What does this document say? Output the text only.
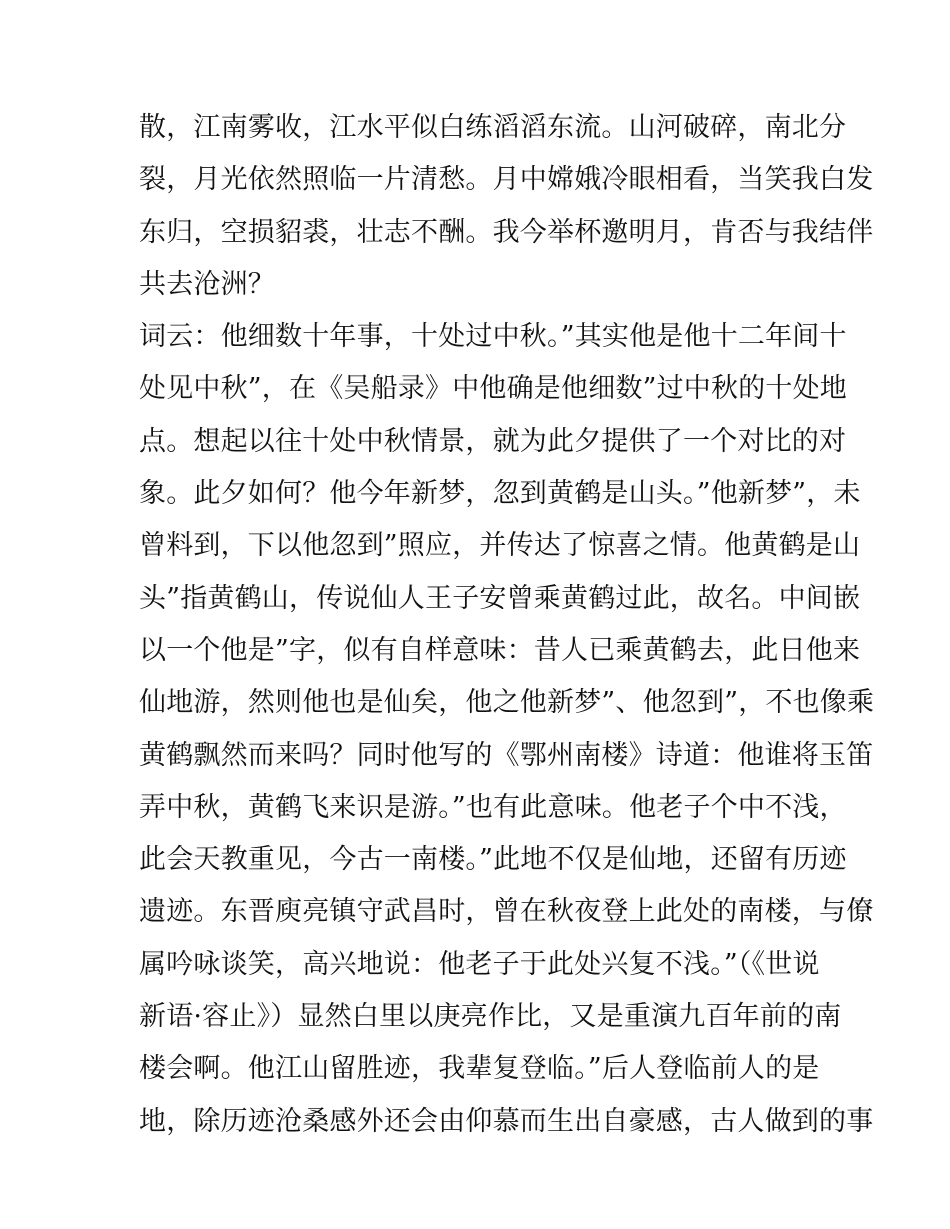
散，江南雾收，江水平似白练滔滔东流。山河破碎，南北分
裂，月光依然照临一片清愁。月中嫦娥冷眼相看，当笑我白发
东归，空损貂裘，壮志不酬。我今举杯邀明月，肯否与我结伴
共去沧洲？
词云：他细数十年事，十处过中秋。”其实他是他十二年间十
处见中秋”，在《吴船录》中他确是他细数”过中秋的十处地
点。想起以往十处中秋情景，就为此夕提供了一个对比的对
象。此夕如何？他今年新梦，忽到黄鹤是山头。”他新梦”，未
曾料到，下以他忽到”照应，并传达了惊喜之情。他黄鹤是山
头”指黄鹤山，传说仙人王子安曾乘黄鹤过此，故名。中间嵌
以一个他是”字，似有自样意味：昔人已乘黄鹤去，此日他来
仙地游，然则他也是仙矣，他之他新梦”、他忽到”，不也像乘
黄鹤飘然而来吗？同时他写的《鄂州南楼》诗道：他谁将玉笛
弄中秋，黄鹤飞来识是游。”也有此意味。他老子个中不浅，
此会天教重见，今古一南楼。”此地不仅是仙地，还留有历迹
遗迹。东晋庾亮镇守武昌时，曾在秋夜登上此处的南楼，与僚
属吟咏谈笑，高兴地说：他老子于此处兴复不浅。”（《世说
新语·容止》）显然白里以庚亮作比，又是重演九百年前的南
楼会啊。他江山留胜迹，我辈复登临。”后人登临前人的是
地，除历迹沧桑感外还会由仰慕而生出自豪感，古人做到的事
